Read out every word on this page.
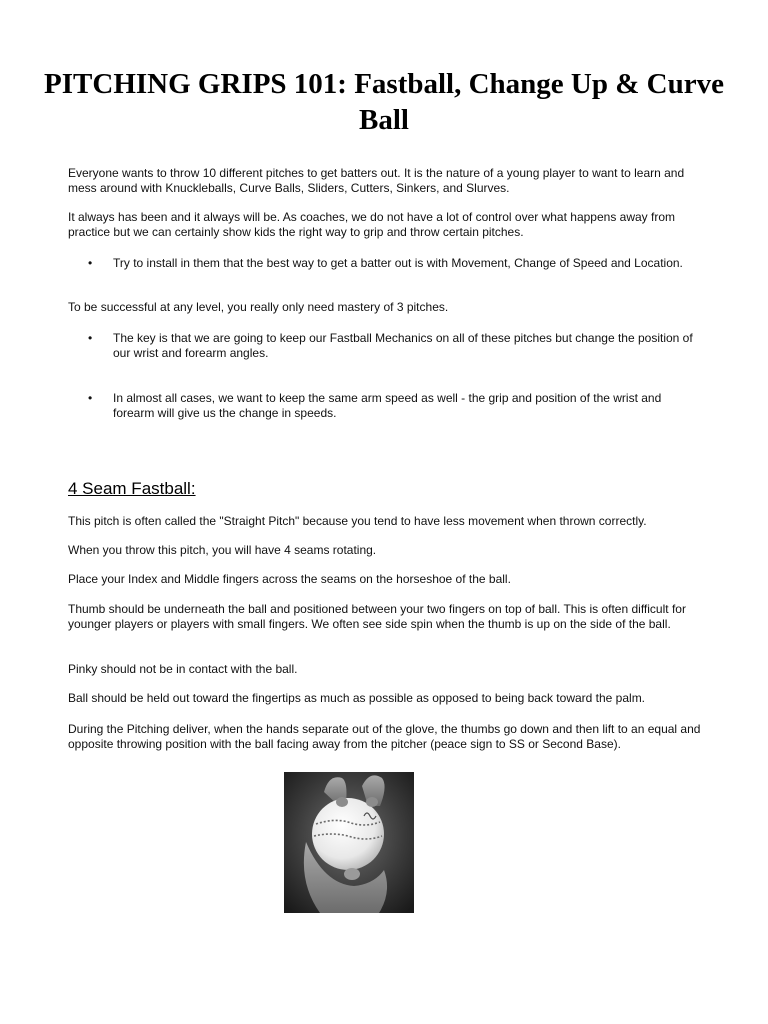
PITCHING GRIPS 101: Fastball, Change Up & Curve Ball

Everyone wants to throw 10 different pitches to get batters out. It is the nature of a young player to want to learn and mess around with Knuckleballs, Curve Balls, Sliders, Cutters, Sinkers, and Slurves.

It always has been and it always will be. As coaches, we do not have a lot of control over what happens away from practice but we can certainly show kids the right way to grip and throw certain pitches.

•	Try to install in them that the best way to get a batter out is with Movement, Change of Speed and Location.

To be successful at any level, you really only need mastery of 3 pitches.

•	The key is that we are going to keep our Fastball Mechanics on all of these pitches but change the position of our wrist and forearm angles.
•	In almost all cases, we want to keep the same arm speed as well - the grip and position of the wrist and forearm will give us the change in speeds.
4 Seam Fastball:

This pitch is often called the "Straight Pitch" because you tend to have less movement when thrown correctly.

When you throw this pitch, you will have 4 seams rotating.

Place your Index and Middle fingers across the seams on the horseshoe of the ball.

Thumb should be underneath the ball and positioned between your two fingers on top of ball. This is often difficult for younger players or players with small fingers. We often see side spin when the thumb is up on the side of the ball.

Pinky should not be in contact with the ball.

Ball should be held out toward the fingertips as much as possible as opposed to being back toward the palm.

During the Pitching deliver, when the hands separate out of the glove, the thumbs go down and then lift to an equal and opposite throwing position with the ball facing away from the pitcher (peace sign to SS or Second Base).
